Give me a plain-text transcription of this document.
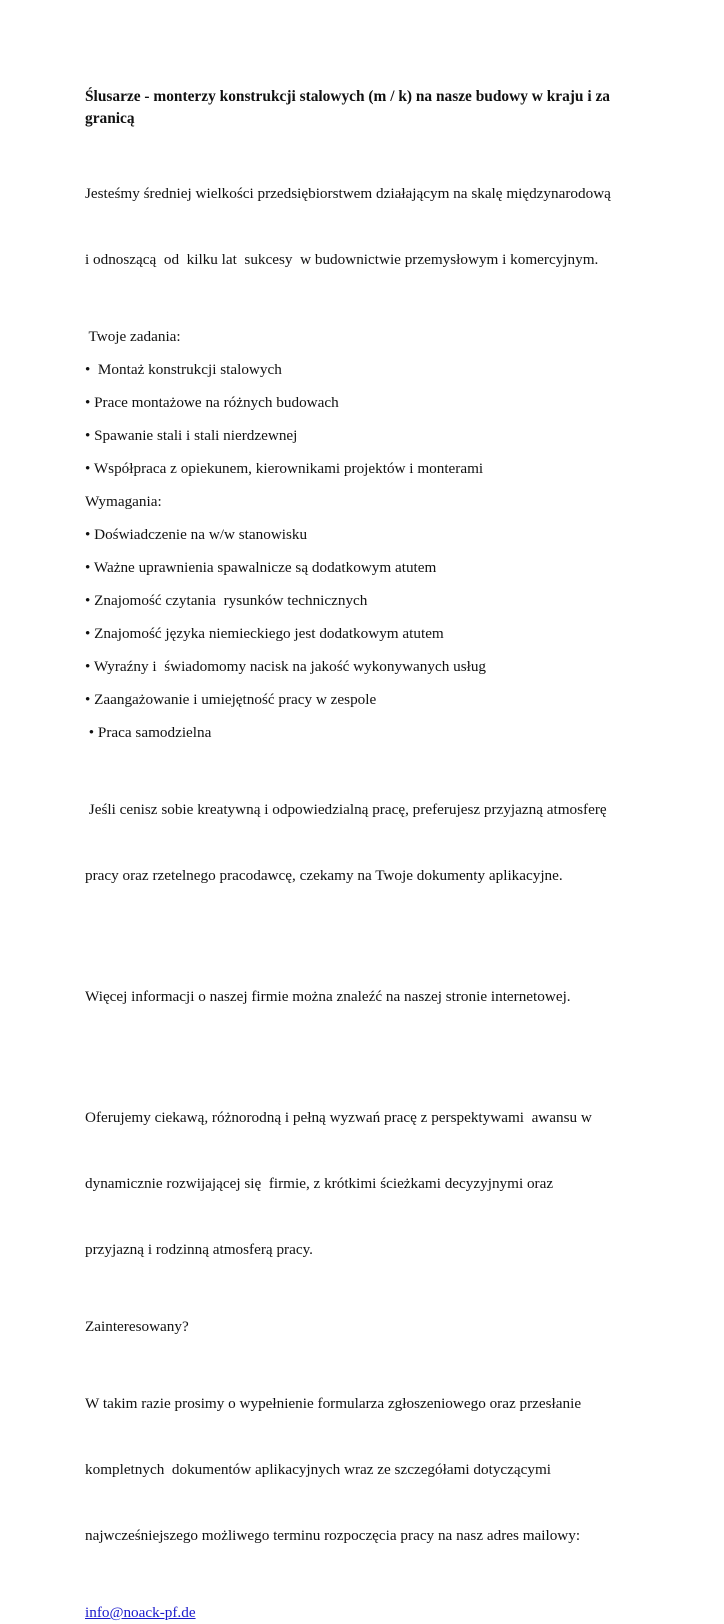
Ślusarze - monterzy konstrukcji stalowych (m / k) na nasze budowy w kraju i za
granicą

Jesteśmy średniej wielkości przedsiębiorstwem działającym na skalę międzynarodową

i odnoszącą  od  kilku lat  sukcesy  w budownictwie przemysłowym i komercyjnym.

Twoje zadania:
•  Montaż konstrukcji stalowych
• Prace montażowe na różnych budowach
• Spawanie stali i stali nierdzewnej
• Współpraca z opiekunem, kierownikami projektów i monterami
Wymagania:
• Doświadczenie na w/w stanowisku
• Ważne uprawnienia spawalnicze są dodatkowym atutem
• Znajomość czytania  rysunków technicznych
• Znajomość języka niemieckiego jest dodatkowym atutem
• Wyraźny i  świadomomy nacisk na jakość wykonywanych usług
• Zaangażowanie i umiejętność pracy w zespole
• Praca samodzielna

Jeśli cenisz sobie kreatywną i odpowiedzialną pracę, preferujesz przyjazną atmosferę

pracy oraz rzetelnego pracodawcę, czekamy na Twoje dokumenty aplikacyjne.

Więcej informacji o naszej firmie można znaleźć na naszej stronie internetowej.

Oferujemy ciekawą, różnorodną i pełną wyzwań pracę z perspektywami  awansu w

dynamicznie rozwijającej się  firmie, z krótkimi ścieżkami decyzyjnymi oraz

przyjazną i rodzinną atmosferą pracy.

Zainteresowany?

W takim razie prosimy o wypełnienie formularza zgłoszeniowego oraz przesłanie

kompletnych  dokumentów aplikacyjnych wraz ze szczegółami dotyczącymi

najwcześniejszego możliwego terminu rozpoczęcia pracy na nasz adres mailowy:

info@noack-pf.de
